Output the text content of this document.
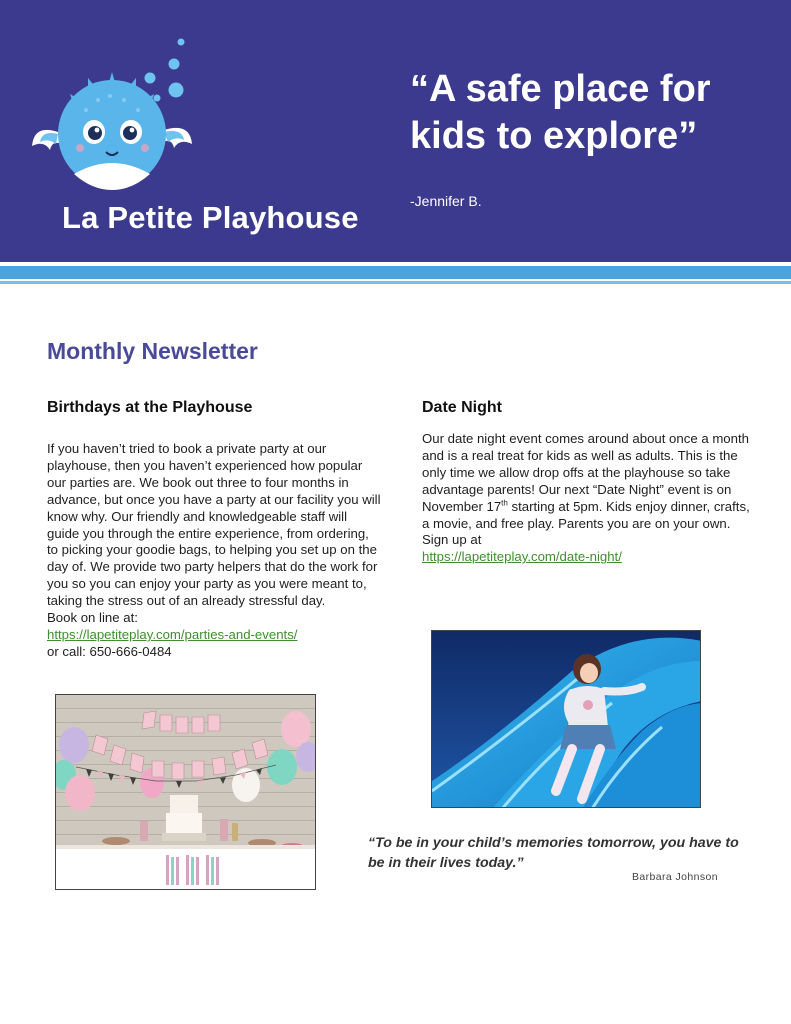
La Petite Playhouse
“A safe place for
kids to explore”
-Jennifer B.
Monthly Newsletter
Birthdays at the Playhouse
If you haven’t tried to book a private party at our playhouse, then you haven’t experienced how popular our parties are. We book out three to four months in advance, but once you have a party at our facility you will know why. Our friendly and knowledgeable staff will guide you through the entire experience, from ordering, to picking your goodie bags, to helping you set up on the day of. We provide two party helpers that do the work for you so you can enjoy your party as you were meant to, taking the stress out of an already stressful day.
Book on line at:
https://lapetiteplay.com/parties-and-events/
or call: 650-666-0484
Date Night
Our date night event comes around about once a month and is a real treat for kids as well as adults. This is the only time we allow drop offs at the playhouse so take advantage parents! Our next “Date Night” event is on November 17th starting at 5pm. Kids enjoy dinner, crafts, a movie, and free play. Parents you are on your own. Sign up at
https://lapetiteplay.com/date-night/
“To be in your child’s memories tomorrow, you have to be in their lives today.”
Barbara Johnson
